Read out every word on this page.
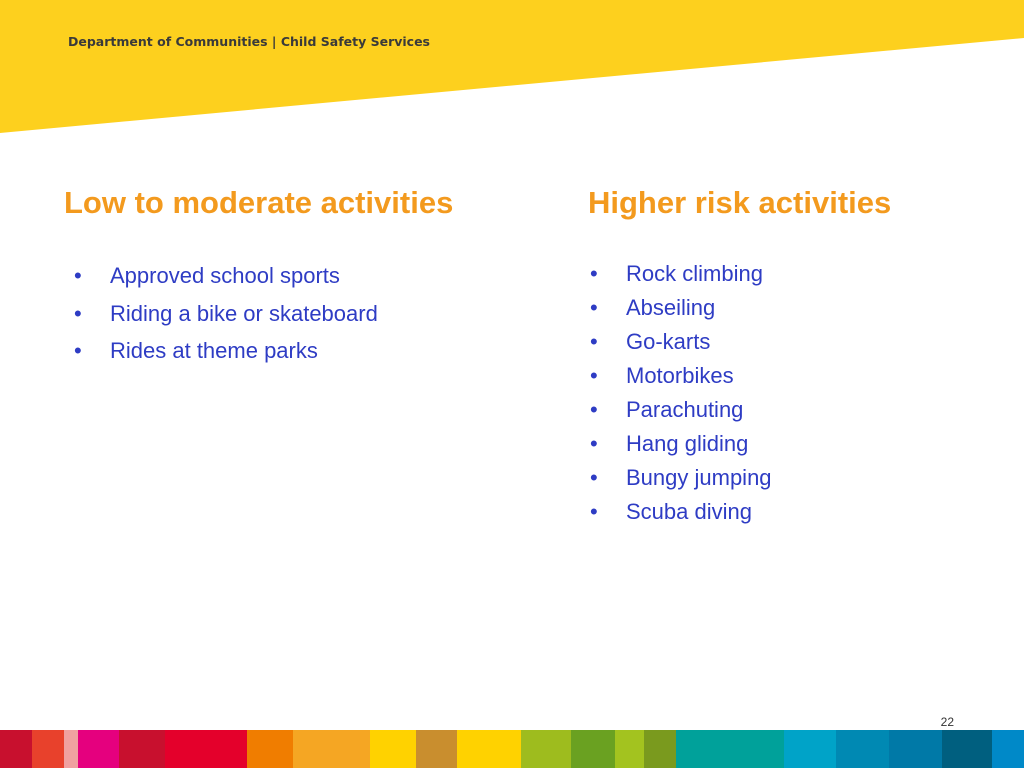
Department of Communities | Child Safety Services
Low to moderate activities	Higher risk activities
• Approved school sports
• Riding a bike or skateboard
• Rides at theme parks
• Rock climbing
• Abseiling
• Go-karts
• Motorbikes
• Parachuting
• Hang gliding
• Bungy jumping
• Scuba diving
22
